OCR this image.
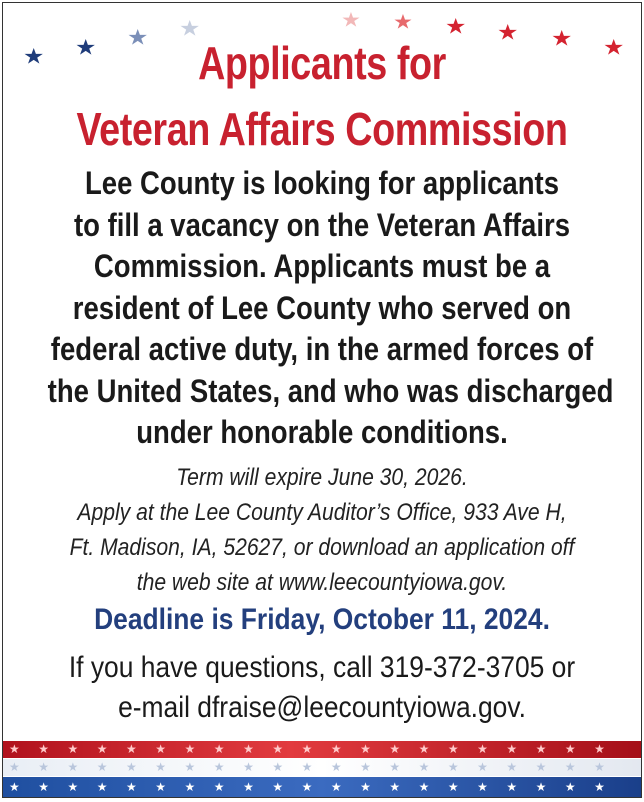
★ ★ ★ ★	★ ★ ★ ★ ★ ★
Applicants for
Veteran Affairs Commission
Lee County is looking for applicants
to fill a vacancy on the Veteran Affairs
Commission. Applicants must be a
resident of Lee County who served on
federal active duty, in the armed forces of
the United States, and who was discharged
under honorable conditions.
Term will expire June 30, 2026.
Apply at the Lee County Auditor’s Office, 933 Ave H,
Ft. Madison, IA, 52627, or download an application off
the web site at www.leecountyiowa.gov.
Deadline is Friday, October 11, 2024.
If you have questions, call 319-372-3705 or
e-mail dfraise@leecountyiowa.gov.
★★★★★★★★★★★★★★★★★★★★★
★★★★★★★★★★★★★★★★★★★★★
★★★★★★★★★★★★★★★★★★★★★
